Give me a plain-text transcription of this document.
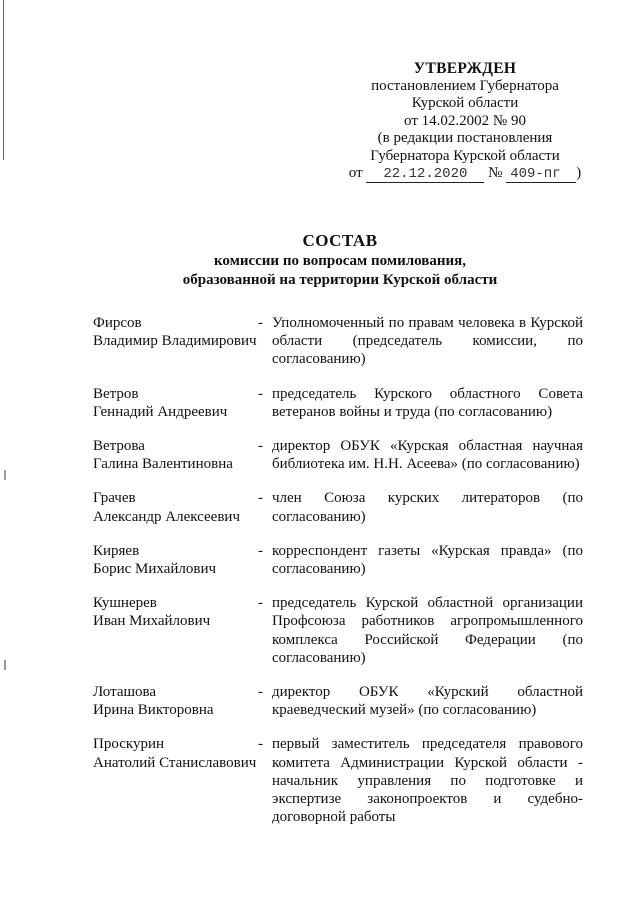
УТВЕРЖДЕН
постановлением Губернатора
Курской области
от 14.02.2002 № 90
(в редакции постановления
Губернатора Курской области
от 22.12.2020 № 409-пг )
СОСТАВ
комиссии по вопросам помилования,
образованной на территории Курской области
Фирсов
Владимир Владимирович
- Уполномоченный по правам человека в Курской области (председатель комиссии, по согласованию)
Ветров
Геннадий Андреевич
- председатель Курского областного Совета ветеранов войны и труда (по согласованию)
Ветрова
Галина Валентиновна
- директор ОБУК «Курская областная научная библиотека им. Н.Н. Асеева» (по согласованию)
Грачев
Александр Алексеевич
- член Союза курских литераторов (по согласованию)
Киряев
Борис Михайлович
- корреспондент газеты «Курская правда» (по согласованию)
Кушнерев
Иван Михайлович
- председатель Курской областной организации Профсоюза работников агропромышленного комплекса Российской Федерации (по согласованию)
Лоташова
Ирина Викторовна
- директор ОБУК «Курский областной краеведческий музей» (по согласованию)
Проскурин
Анатолий Станиславович
- первый заместитель председателя правового комитета Администрации Курской области - начальник управления по подготовке и экспертизе законопроектов и судебно-договорной работы
